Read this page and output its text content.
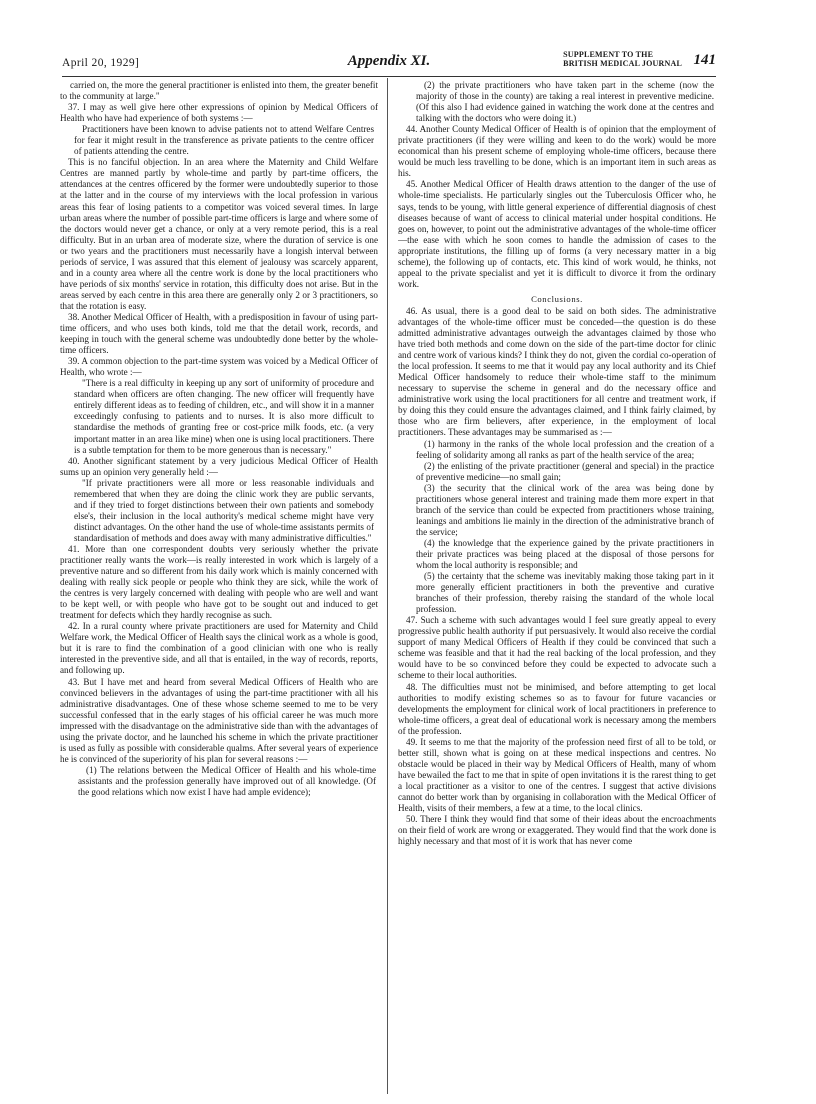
April 20, 1929]	Appendix XI.	SUPPLEMENT TO THE
BRITISH MEDICAL JOURNAL 141

carried on, the more the general practitioner is enlisted into them, the greater benefit to the community at large."

37. I may as well give here other expressions of opinion by Medical Officers of Health who have had experience of both systems :—

Practitioners have been known to advise patients not to attend Welfare Centres for fear it might result in the transference as private patients to the centre officer of patients attending the centre.

This is no fanciful objection. In an area where the Maternity and Child Welfare Centres are manned partly by whole-time and partly by part-time officers, the attendances at the centres officered by the former were undoubtedly superior to those at the latter and in the course of my interviews with the local profession in various areas this fear of losing patients to a competitor was voiced several times. In large urban areas where the number of possible part-time officers is large and where some of the doctors would never get a chance, or only at a very remote period, this is a real difficulty. But in an urban area of moderate size, where the duration of service is one or two years and the practitioners must necessarily have a longish interval between periods of service, I was assured that this element of jealousy was scarcely apparent, and in a county area where all the centre work is done by the local practitioners who have periods of six months' service in rotation, this difficulty does not arise. But in the areas served by each centre in this area there are generally only 2 or 3 practitioners, so that the rotation is easy.

38. Another Medical Officer of Health, with a predisposition in favour of using part-time officers, and who uses both kinds, told me that the detail work, records, and keeping in touch with the general scheme was undoubtedly done better by the whole-time officers.

39. A common objection to the part-time system was voiced by a Medical Officer of Health, who wrote :—

"There is a real difficulty in keeping up any sort of uniformity of procedure and standard when officers are often changing. The new officer will frequently have entirely different ideas as to feeding of children, etc., and will show it in a manner exceedingly confusing to patients and to nurses. It is also more difficult to standardise the methods of granting free or cost-price milk foods, etc. (a very important matter in an area like mine) when one is using local practitioners. There is a subtle temptation for them to be more generous than is necessary."

40. Another significant statement by a very judicious Medical Officer of Health sums up an opinion very generally held :—

"If private practitioners were all more or less reasonable individuals and remembered that when they are doing the clinic work they are public servants, and if they tried to forget distinctions between their own patients and somebody else's, their inclusion in the local authority's medical scheme might have very distinct advantages. On the other hand the use of whole-time assistants permits of standardisation of methods and does away with many administrative difficulties."

41. More than one correspondent doubts very seriously whether the private practitioner really wants the work—is really interested in work which is largely of a preventive nature and so different from his daily work which is mainly concerned with dealing with really sick people or people who think they are sick, while the work of the centres is very largely concerned with dealing with people who are well and want to be kept well, or with people who have got to be sought out and induced to get treatment for defects which they hardly recognise as such.

42. In a rural county where private practitioners are used for Maternity and Child Welfare work, the Medical Officer of Health says the clinical work as a whole is good, but it is rare to find the combination of a good clinician with one who is really interested in the preventive side, and all that is entailed, in the way of records, reports, and following up.

43. But I have met and heard from several Medical Officers of Health who are convinced believers in the advantages of using the part-time practitioner with all his administrative disadvantages. One of these whose scheme seemed to me to be very successful confessed that in the early stages of his official career he was much more impressed with the disadvantage on the administrative side than with the advantages of using the private doctor, and he launched his scheme in which the private practitioner is used as fully as possible with considerable qualms. After several years of experience he is convinced of the superiority of his plan for several reasons :—

(1) The relations between the Medical Officer of Health and his whole-time assistants and the profession generally have improved out of all knowledge. (Of the good relations which now exist I have had ample evidence);

(2) the private practitioners who have taken part in the scheme (now the majority of those in the county) are taking a real interest in preventive medicine. (Of this also I had evidence gained in watching the work done at the centres and talking with the doctors who were doing it.)

44. Another County Medical Officer of Health is of opinion that the employment of private practitioners (if they were willing and keen to do the work) would be more economical than his present scheme of employing whole-time officers, because there would be much less travelling to be done, which is an important item in such areas as his.

45. Another Medical Officer of Health draws attention to the danger of the use of whole-time specialists. He particularly singles out the Tuberculosis Officer who, he says, tends to be young, with little general experience of differential diagnosis of chest diseases because of want of access to clinical material under hospital conditions. He goes on, however, to point out the administrative advantages of the whole-time officer—the ease with which he soon comes to handle the admission of cases to the appropriate institutions, the filling up of forms (a very necessary matter in a big scheme), the following up of contacts, etc. This kind of work would, he thinks, not appeal to the private specialist and yet it is difficult to divorce it from the ordinary work.

Conclusions.

46. As usual, there is a good deal to be said on both sides. The administrative advantages of the whole-time officer must be conceded—the question is do these admitted administrative advantages outweigh the advantages claimed by those who have tried both methods and come down on the side of the part-time doctor for clinic and centre work of various kinds? I think they do not, given the cordial co-operation of the local profession. It seems to me that it would pay any local authority and its Chief Medical Officer handsomely to reduce their whole-time staff to the minimum necessary to supervise the scheme in general and do the necessary office and administrative work using the local practitioners for all centre and treatment work, if by doing this they could ensure the advantages claimed, and I think fairly claimed, by those who are firm believers, after experience, in the employment of local practitioners. These advantages may be summarised as :—

(1) harmony in the ranks of the whole local profession and the creation of a feeling of solidarity among all ranks as part of the health service of the area;

(2) the enlisting of the private practitioner (general and special) in the practice of preventive medicine—no small gain;

(3) the security that the clinical work of the area was being done by practitioners whose general interest and training made them more expert in that branch of the service than could be expected from practitioners whose training, leanings and ambitions lie mainly in the direction of the administrative branch of the service;

(4) the knowledge that the experience gained by the private practitioners in their private practices was being placed at the disposal of those persons for whom the local authority is responsible; and

(5) the certainty that the scheme was inevitably making those taking part in it more generally efficient practitioners in both the preventive and curative branches of their profession, thereby raising the standard of the whole local profession.

47. Such a scheme with such advantages would I feel sure greatly appeal to every progressive public health authority if put persuasively. It would also receive the cordial support of many Medical Officers of Health if they could be convinced that such a scheme was feasible and that it had the real backing of the local profession, and they would have to be so convinced before they could be expected to advocate such a scheme to their local authorities.

48. The difficulties must not be minimised, and before attempting to get local authorities to modify existing schemes so as to favour for future vacancies or developments the employment for clinical work of local practitioners in preference to whole-time officers, a great deal of educational work is necessary among the members of the profession.

49. It seems to me that the majority of the profession need first of all to be told, or better still, shown what is going on at these medical inspections and centres. No obstacle would be placed in their way by Medical Officers of Health, many of whom have bewailed the fact to me that in spite of open invitations it is the rarest thing to get a local practitioner as a visitor to one of the centres. I suggest that active divisions cannot do better work than by organising in collaboration with the Medical Officer of Health, visits of their members, a few at a time, to the local clinics.

50. There I think they would find that some of their ideas about the encroachments on their field of work are wrong or exaggerated. They would find that the work done is highly necessary and that most of it is work that has never come
